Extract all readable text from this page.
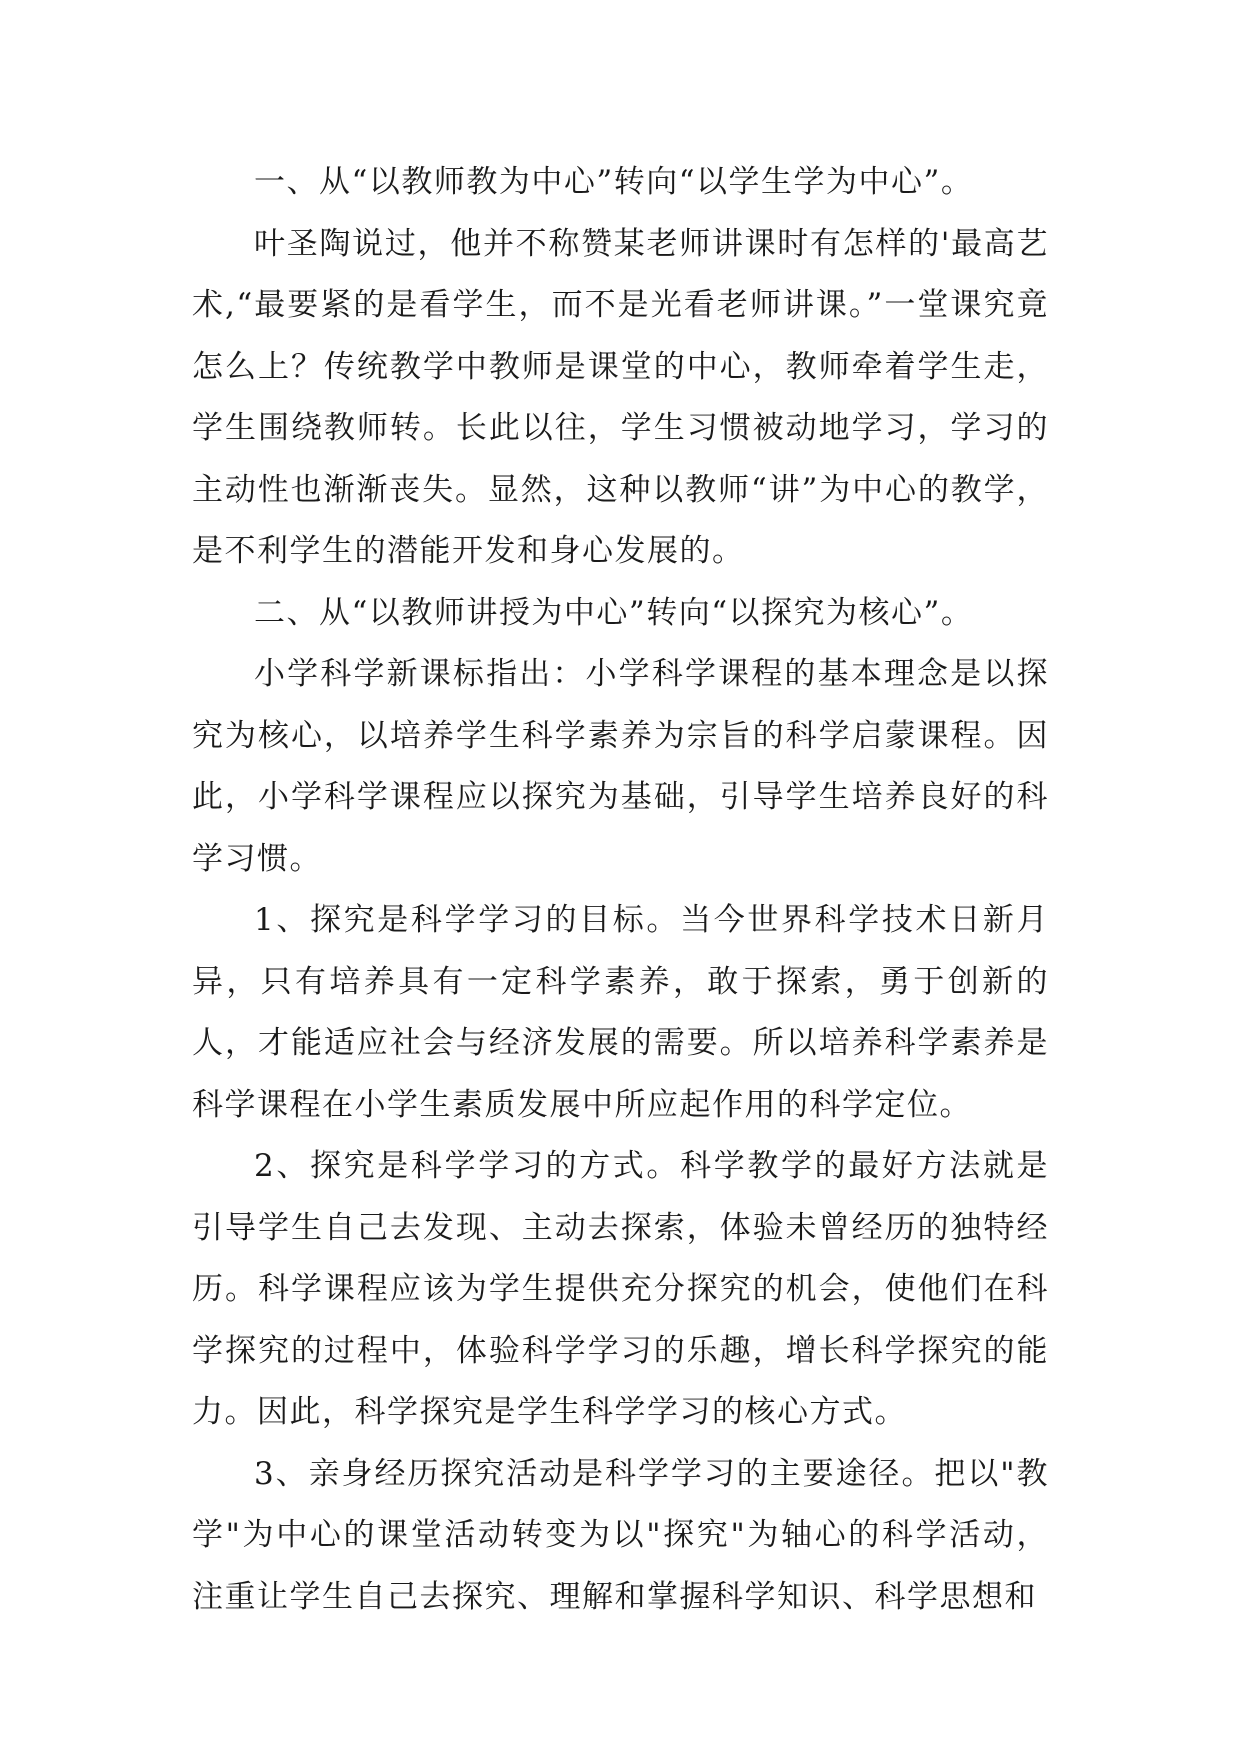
一、从“以教师教为中心”转向“以学生学为中心”。

叶圣陶说过，他并不称赞某老师讲课时有怎样的'最高艺术,“最要紧的是看学生，而不是光看老师讲课。”一堂课究竟怎么上？传统教学中教师是课堂的中心，教师牵着学生走，学生围绕教师转。长此以往，学生习惯被动地学习，学习的主动性也渐渐丧失。显然，这种以教师“讲”为中心的教学，是不利学生的潜能开发和身心发展的。

二、从“以教师讲授为中心”转向“以探究为核心”。

小学科学新课标指出：小学科学课程的基本理念是以探究为核心，以培养学生科学素养为宗旨的科学启蒙课程。因此，小学科学课程应以探究为基础，引导学生培养良好的科学习惯。

1、探究是科学学习的目标。当今世界科学技术日新月异，只有培养具有一定科学素养，敢于探索，勇于创新的人，才能适应社会与经济发展的需要。所以培养科学素养是科学课程在小学生素质发展中所应起作用的科学定位。

2、探究是科学学习的方式。科学教学的最好方法就是引导学生自己去发现、主动去探索，体验未曾经历的独特经历。科学课程应该为学生提供充分探究的机会，使他们在科学探究的过程中，体验科学学习的乐趣，增长科学探究的能力。因此，科学探究是学生科学学习的核心方式。

3、亲身经历探究活动是科学学习的主要途径。把以"教学"为中心的课堂活动转变为以"探究"为轴心的科学活动，注重让学生自己去探究、理解和掌握科学知识、科学思想和
